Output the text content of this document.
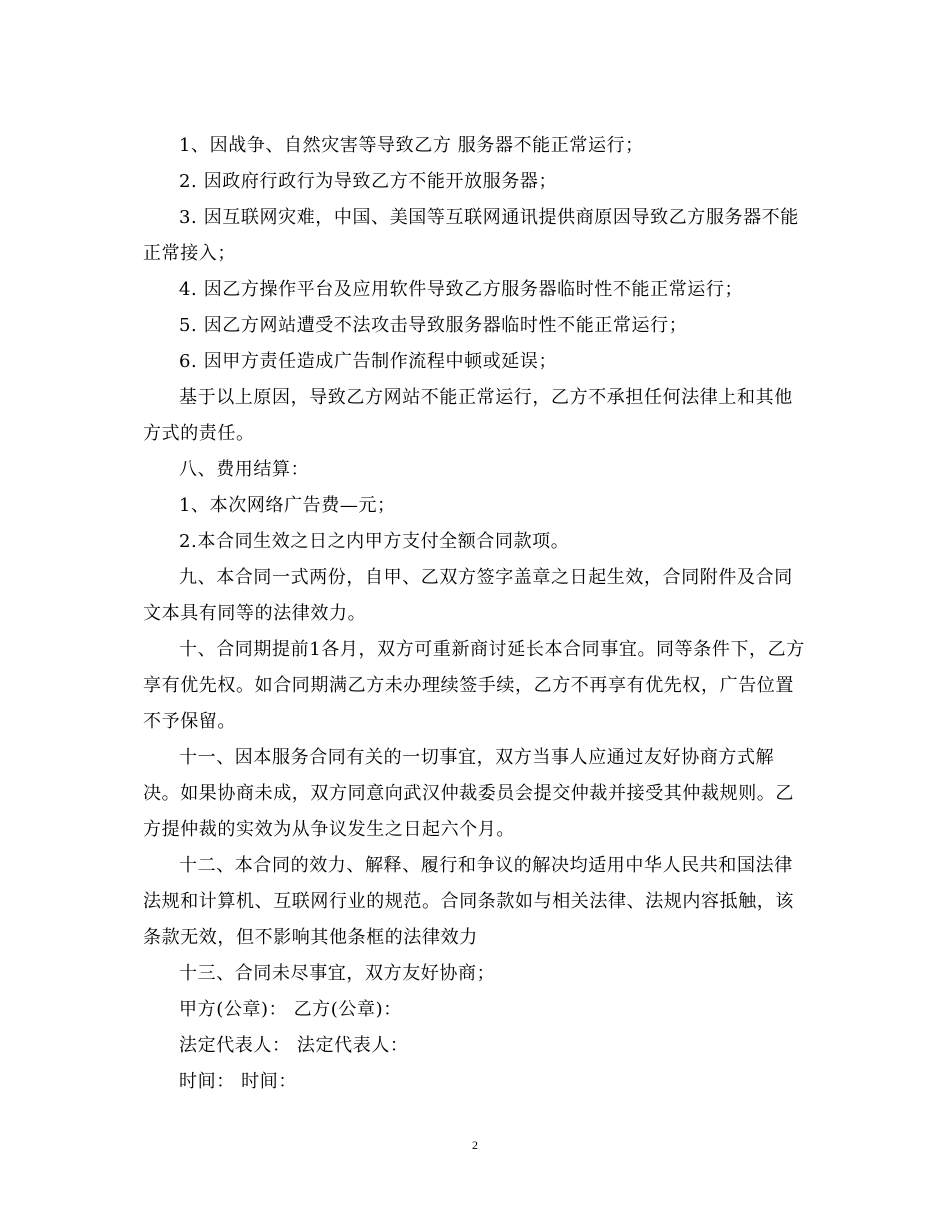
1、因战争、自然灾害等导致乙方 服务器不能正常运行；

2. 因政府行政行为导致乙方不能开放服务器；

3. 因互联网灾难，中国、美国等互联网通讯提供商原因导致乙方服务器不能正常接入；

4. 因乙方操作平台及应用软件导致乙方服务器临时性不能正常运行；

5. 因乙方网站遭受不法攻击导致服务器临时性不能正常运行；

6. 因甲方责任造成广告制作流程中顿或延误；

基于以上原因，导致乙方网站不能正常运行，乙方不承担任何法律上和其他方式的责任。

八、费用结算：

1、本次网络广告费—元；

2.本合同生效之日之内甲方支付全额合同款项。

九、本合同一式两份，自甲、乙双方签字盖章之日起生效，合同附件及合同文本具有同等的法律效力。

十、合同期提前1各月，双方可重新商讨延长本合同事宜。同等条件下，乙方享有优先权。如合同期满乙方未办理续签手续，乙方不再享有优先权，广告位置不予保留。

十一、因本服务合同有关的一切事宜，双方当事人应通过友好协商方式解决。如果协商未成，双方同意向武汉仲裁委员会提交仲裁并接受其仲裁规则。乙方提仲裁的实效为从争议发生之日起六个月。

十二、本合同的效力、解释、履行和争议的解决均适用中华人民共和国法律法规和计算机、互联网行业的规范。合同条款如与相关法律、法规内容抵触，该条款无效，但不影响其他条框的法律效力

十三、合同未尽事宜，双方友好协商；

甲方(公章)： 乙方(公章)：

法定代表人： 法定代表人：

时间： 时间：

2
